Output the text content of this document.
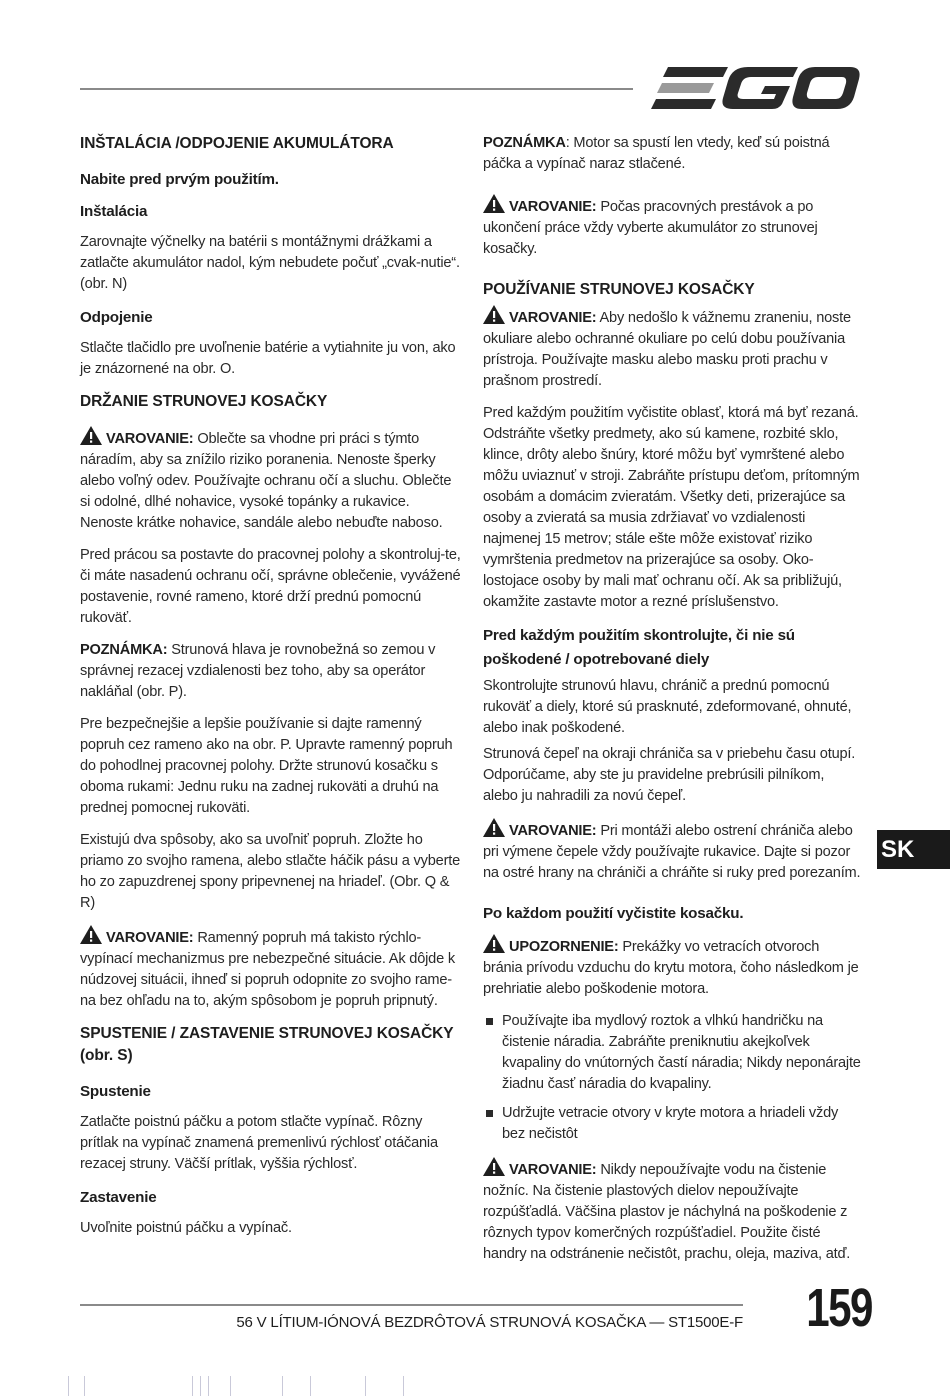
INŠTALÁCIA /ODPOJENIE AKUMULÁTORA
Nabite pred prvým použitím.
Inštalácia

Zarovnajte výčnelky na batérii s montážnymi drážkami a zatlačte akumulátor nadol, kým nebudete počuť „cvak-nutie“. (obr. N)

Odpojenie

Stlačte tlačidlo pre uvoľnenie batérie a vytiahnite ju von, ako je znázornené na obr. O.

DRŽANIE STRUNOVEJ KOSAČKY

VAROVANIE: Oblečte sa vhodne pri práci s týmto náradím, aby sa znížilo riziko poranenia. Nenoste šperky alebo voľný odev. Používajte ochranu očí a sluchu. Oblečte si odolné, dlhé nohavice, vysoké topánky a rukavice. Nenoste krátke nohavice, sandále alebo nebuďte naboso.

Pred prácou sa postavte do pracovnej polohy a skontroluj-te, či máte nasadenú ochranu očí, správne oblečenie, vyvážené postavenie, rovné rameno, ktoré drží prednú pomocnú rukoväť.

POZNÁMKA: Strunová hlava je rovnobežná so zemou v správnej rezacej vzdialenosti bez toho, aby sa operátor nakláňal (obr. P).

Pre bezpečnejšie a lepšie používanie si dajte ramenný popruh cez rameno ako na obr. P. Upravte ramenný popruh do pohodlnej pracovnej polohy. Držte strunovú kosačku s oboma rukami: Jednu ruku na zadnej rukoväti a druhú na prednej pomocnej rukoväti.

Existujú dva spôsoby, ako sa uvoľniť popruh. Zložte ho priamo zo svojho ramena, alebo stlačte háčik pásu a vyberte ho zo zapuzdrenej spony pripevnenej na hriadeľ. (Obr. Q & R)

VAROVANIE: Ramenný popruh má takisto rýchlo-vypínací mechanizmus pre nebezpečné situácie. Ak dôjde k núdzovej situácii, ihneď si popruh odopnite zo svojho rame-na bez ohľadu na to, akým spôsobom je popruh pripnutý.

SPUSTENIE / ZASTAVENIE STRUNOVEJ KOSAČKY (obr. S)
Spustenie

Zatlačte poistnú páčku a potom stlačte vypínač. Rôzny prítlak na vypínač znamená premenlivú rýchlosť otáčania rezacej struny. Väčší prítlak, vyššia rýchlosť.

Zastavenie

Uvoľnite poistnú páčku a vypínač.

POZNÁMKA: Motor sa spustí len vtedy, keď sú poistná páčka a vypínač naraz stlačené.

VAROVANIE: Počas pracovných prestávok a po ukončení práce vždy vyberte akumulátor zo strunovej kosačky.

POUŽÍVANIE STRUNOVEJ KOSAČKY

VAROVANIE: Aby nedošlo k vážnemu zraneniu, noste okuliare alebo ochranné okuliare po celú dobu používania prístroja. Používajte masku alebo masku proti prachu v prašnom prostredí.

Pred každým použitím vyčistite oblasť, ktorá má byť rezaná. Odstráňte všetky predmety, ako sú kamene, rozbité sklo, klince, drôty alebo šnúry, ktoré môžu byť vymrštené alebo môžu uviaznuť v stroji. Zabráňte prístupu deťom, prítomným osobám a domácim zvieratám. Všetky deti, prizerajúce sa osoby a zvieratá sa musia zdržiavať vo vzdialenosti najmenej 15 metrov; stále ešte môže existovať riziko vymrštenia predmetov na prizerajúce sa osoby. Oko-lostojace osoby by mali mať ochranu očí. Ak sa približujú, okamžite zastavte motor a rezné príslušenstvo.

Pred každým použitím skontrolujte, či nie sú poškodené / opotrebované diely

Skontrolujte strunovú hlavu, chránič a prednú pomocnú rukoväť a diely, ktoré sú prasknuté, zdeformované, ohnuté, alebo inak poškodené.

Strunová čepeľ na okraji chrániča sa v priebehu času otupí. Odporúčame, aby ste ju pravidelne prebrúsili pilníkom, alebo ju nahradili za novú čepeľ.

VAROVANIE: Pri montáži alebo ostrení chrániča alebo pri výmene čepele vždy používajte rukavice. Dajte si pozor na ostré hrany na chrániči a chráňte si ruky pred porezaním.

Po každom použití vyčistite kosačku.

UPOZORNENIE: Prekážky vo vetracích otvoroch bránia prívodu vzduchu do krytu motora, čoho následkom je prehriatie alebo poškodenie motora.

Používajte iba mydlový roztok a vlhkú handričku na čistenie náradia. Zabráňte preniknutiu akejkoľvek kvapaliny do vnútorných častí náradia; Nikdy neponárajte žiadnu časť náradia do kvapaliny.
Udržujte vetracie otvory v kryte motora a hriadeli vždy bez nečistôt

VAROVANIE: Nikdy nepoužívajte vodu na čistenie nožníc. Na čistenie plastových dielov nepoužívajte rozpúšťadlá. Väčšina plastov je náchylná na poškodenie z rôznych typov komerčných rozpúšťadiel. Použite čisté handry na odstránenie nečistôt, prachu, oleja, maziva, atď.

SK
56 V LÍTIUM-IÓNOVÁ BEZDRÔTOVÁ STRUNOVÁ KOSAČKA — ST1500E-F 159
